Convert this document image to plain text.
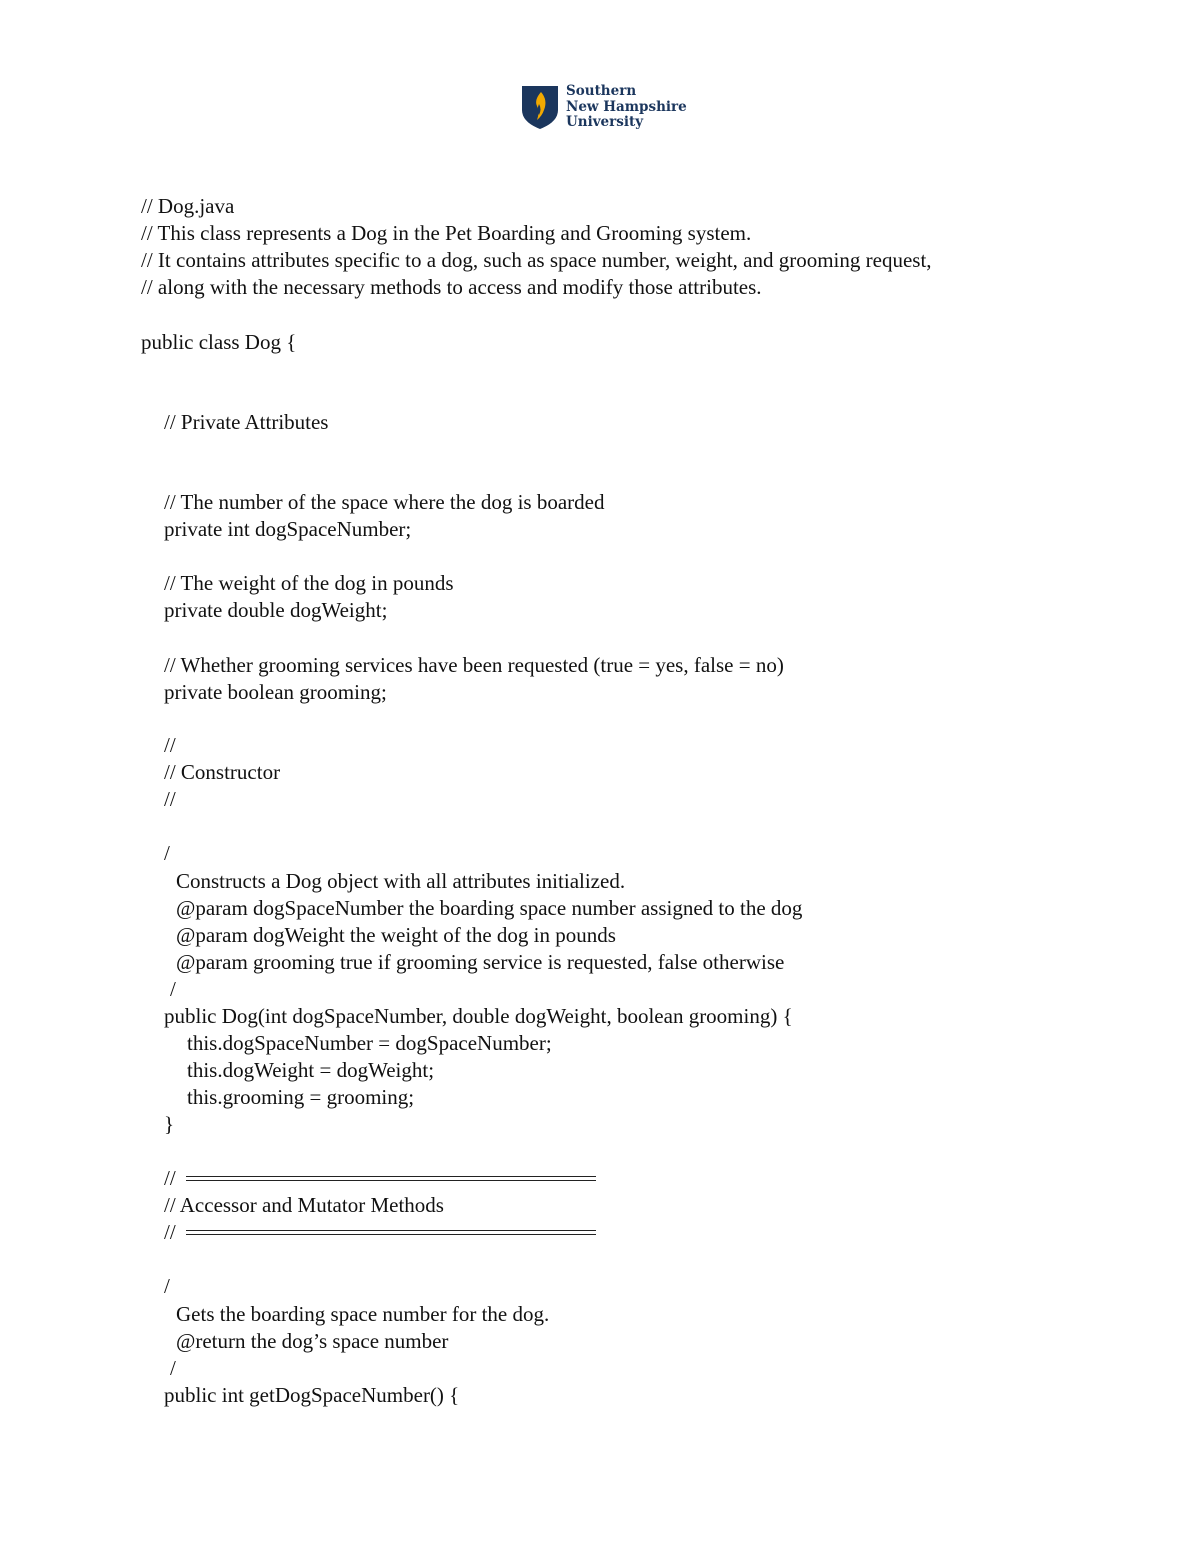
Southern
New Hampshire
University
// Dog.java
// This class represents a Dog in the Pet Boarding and Grooming system.
// It contains attributes specific to a dog, such as space number, weight, and grooming request,
// along with the necessary methods to access and modify those attributes.
public class Dog {
// Private Attributes
// The number of the space where the dog is boarded
private int dogSpaceNumber;
// The weight of the dog in pounds
private double dogWeight;
// Whether grooming services have been requested (true = yes, false = no)
private boolean grooming;
//
// Constructor
//
/
Constructs a Dog object with all attributes initialized.
@param dogSpaceNumber the boarding space number assigned to the dog
@param dogWeight the weight of the dog in pounds
@param grooming true if grooming service is requested, false otherwise
/
public Dog(int dogSpaceNumber, double dogWeight, boolean grooming) {
this.dogSpaceNumber = dogSpaceNumber;
this.dogWeight = dogWeight;
this.grooming = grooming;
}
//
// Accessor and Mutator Methods
//
/
Gets the boarding space number for the dog.
@return the dog’s space number
/
public int getDogSpaceNumber() {
